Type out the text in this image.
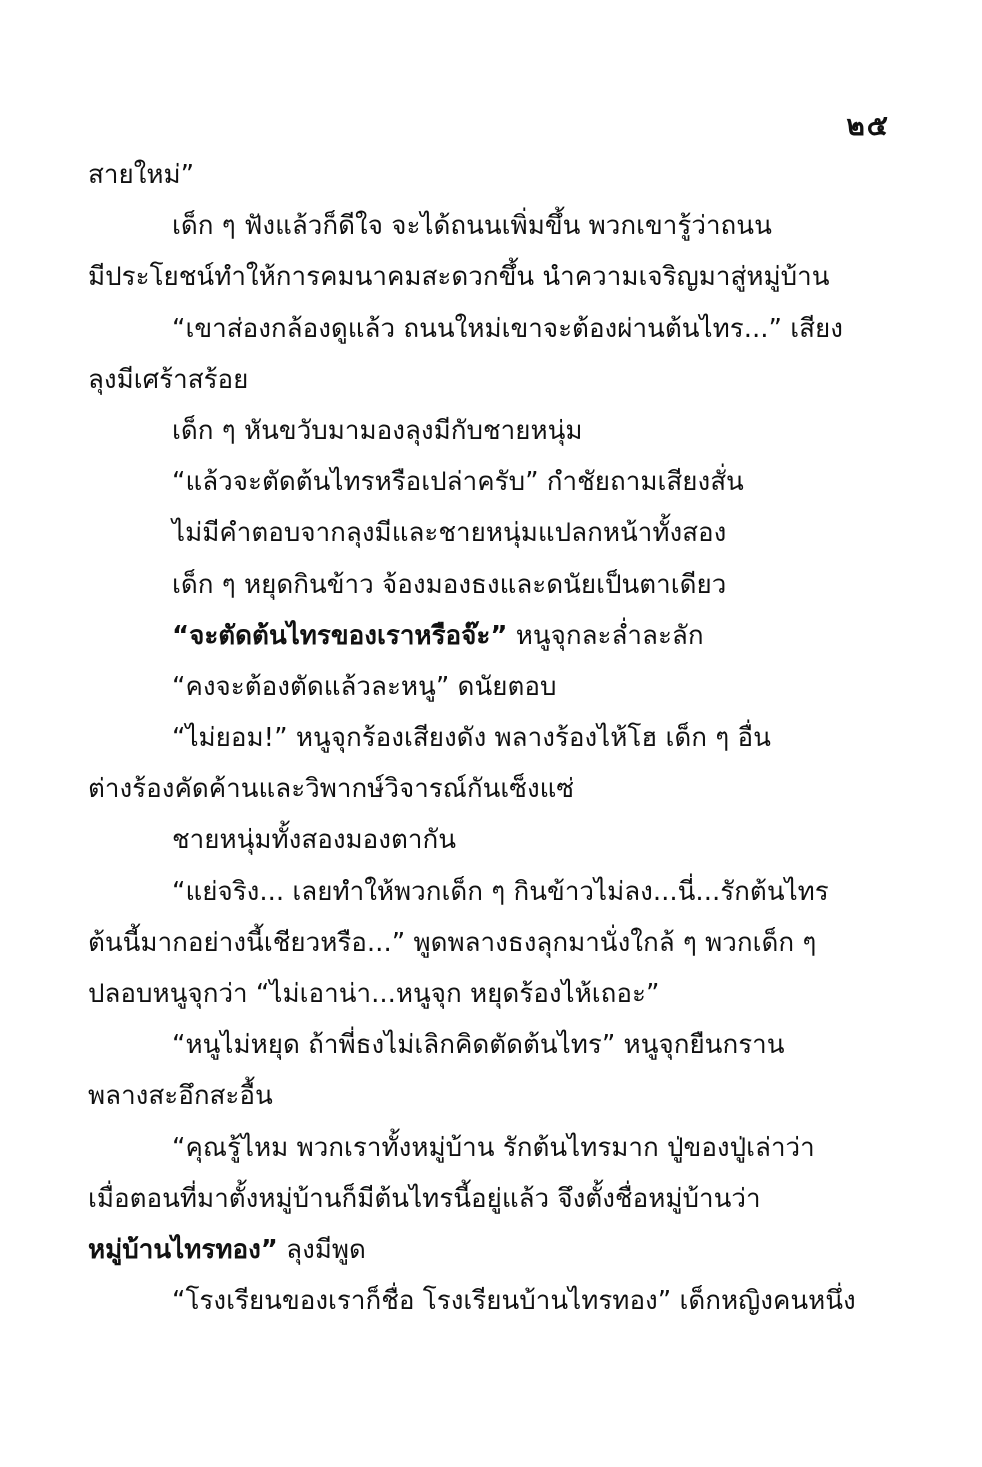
๒๕
สายใหม่”
เด็ก ๆ ฟังแล้วก็ดีใจ จะได้ถนนเพิ่มขึ้น พวกเขารู้ว่าถนน
มีประโยชน์ทำให้การคมนาคมสะดวกขึ้น นำความเจริญมาสู่หมู่บ้าน
“เขาส่องกล้องดูแล้ว ถนนใหม่เขาจะต้องผ่านต้นไทร...” เสียง
ลุงมีเศร้าสร้อย
เด็ก ๆ หันขวับมามองลุงมีกับชายหนุ่ม
“แล้วจะตัดต้นไทรหรือเปล่าครับ” กำชัยถามเสียงสั่น
ไม่มีคำตอบจากลุงมีและชายหนุ่มแปลกหน้าทั้งสอง
เด็ก ๆ หยุดกินข้าว จ้องมองธงและดนัยเป็นตาเดียว
“จะตัดต้นไทรของเราหรือจ๊ะ” หนูจุกละล่ำละลัก
“คงจะต้องตัดแล้วละหนู” ดนัยตอบ
“ไม่ยอม!” หนูจุกร้องเสียงดัง พลางร้องไห้โฮ เด็ก ๆ อื่น
ต่างร้องคัดค้านและวิพากษ์วิจารณ์กันเซ็งแซ่
ชายหนุ่มทั้งสองมองตากัน
“แย่จริง... เลยทำให้พวกเด็ก ๆ กินข้าวไม่ลง...นี่...รักต้นไทร
ต้นนี้มากอย่างนี้เชียวหรือ...” พูดพลางธงลุกมานั่งใกล้ ๆ พวกเด็ก ๆ
ปลอบหนูจุกว่า “ไม่เอาน่า...หนูจุก หยุดร้องไห้เถอะ”
“หนูไม่หยุด ถ้าพี่ธงไม่เลิกคิดตัดต้นไทร” หนูจุกยืนกราน
พลางสะอึกสะอื้น
“คุณรู้ไหม พวกเราทั้งหมู่บ้าน รักต้นไทรมาก ปู่ของปู่เล่าว่า
เมื่อตอนที่มาตั้งหมู่บ้านก็มีต้นไทรนี้อยู่แล้ว จึงตั้งชื่อหมู่บ้านว่า
หมู่บ้านไทรทอง” ลุงมีพูด
“โรงเรียนของเราก็ชื่อ โรงเรียนบ้านไทรทอง” เด็กหญิงคนหนึ่ง
